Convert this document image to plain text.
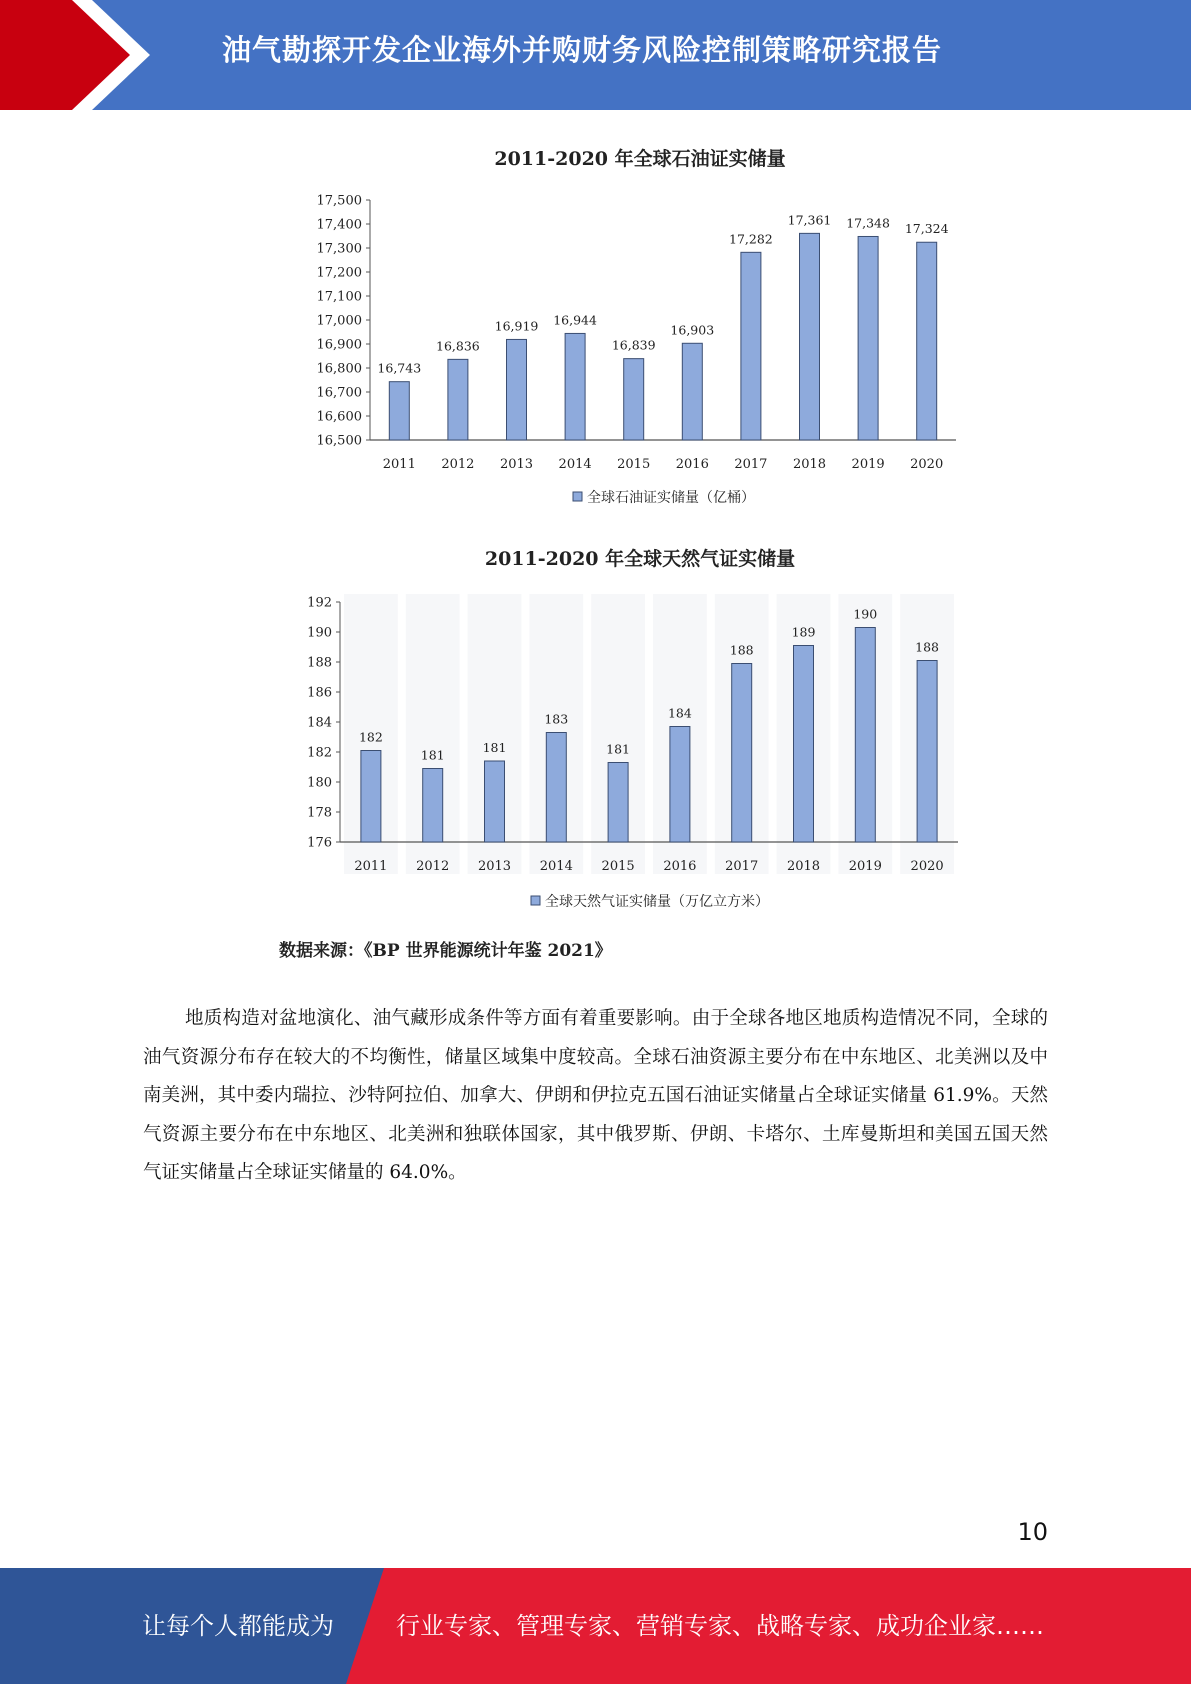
油气勘探开发企业海外并购财务风险控制策略研究报告
2011-2020 年全球石油证实储量
16,500
16,600
16,700
16,800
16,900
17,000
17,100
17,200
17,300
17,400
17,500
16,743
2011
16,836
2012
16,919
2013
16,944
2014
16,839
2015
16,903
2016
17,282
2017
17,361
2018
17,348
2019
17,324
2020
全球石油证实储量（亿桶）
2011-2020 年全球天然气证实储量
176
178
180
182
184
186
188
190
192
182
2011
181
2012
181
2013
183
2014
181
2015
184
2016
188
2017
189
2018
190
2019
188
2020
全球天然气证实储量（万亿立方米）
数据来源：《BP 世界能源统计年鉴 2021》
地质构造对盆地演化、油气藏形成条件等方面有着重要影响。由于全球各地区地质构造情况不同，全球的油气资源分布存在较大的不均衡性，储量区域集中度较高。全球石油资源主要分布在中东地区、北美洲以及中南美洲，其中委内瑞拉、沙特阿拉伯、加拿大、伊朗和伊拉克五国石油证实储量占全球证实储量 61.9%。天然气资源主要分布在中东地区、北美洲和独联体国家，其中俄罗斯、伊朗、卡塔尔、土库曼斯坦和美国五国天然气证实储量占全球证实储量的 64.0%。
10
让每个人都能成为	行业专家、管理专家、营销专家、战略专家、成功企业家……
